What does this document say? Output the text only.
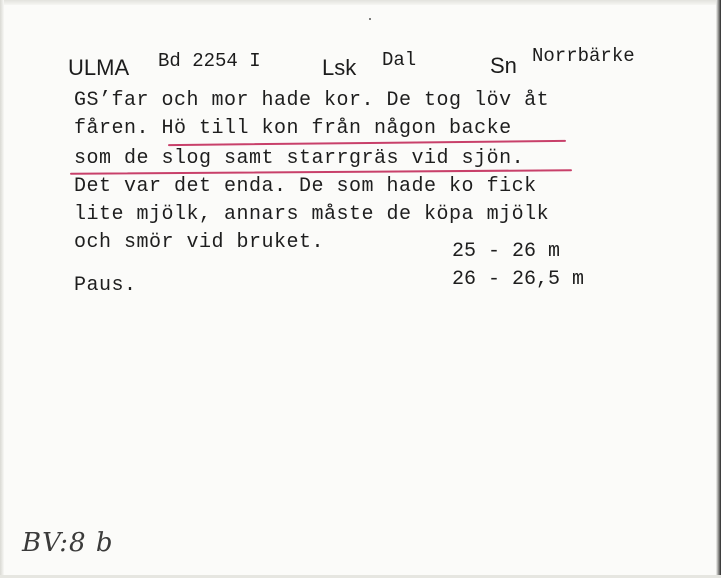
ULMA Bd 2254 I	Lsk Dal	Sn Norrbärke
GS’far och mor hade kor. De tog löv åt
fåren. Hö till kon från någon backe
som de slog samt starrgräs vid sjön.
Det var det enda. De som hade ko fick
lite mjölk, annars måste de köpa mjölk
och smör vid bruket.
Paus.
25 - 26 m
26 - 26,5 m
BV:8 b
